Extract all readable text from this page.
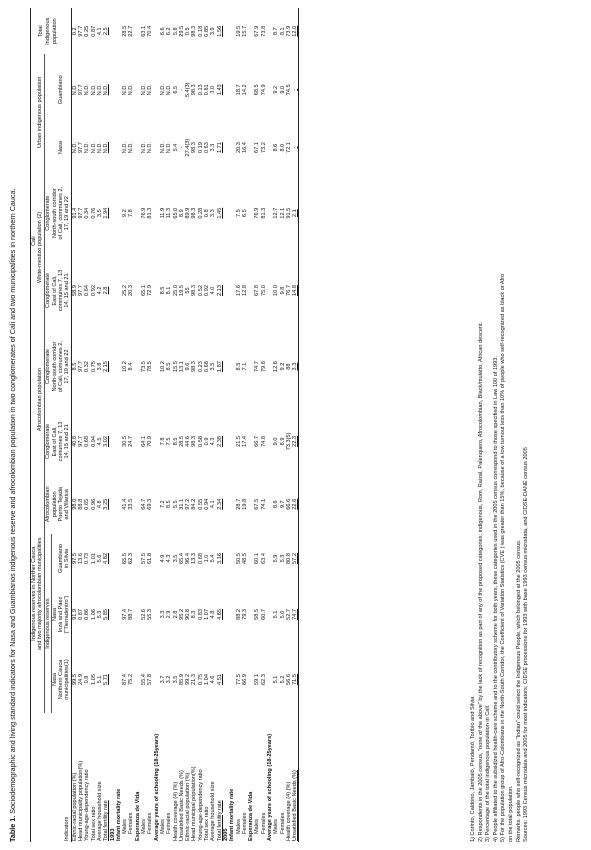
Table 1. Sociodemographic and living standard indicators for Nasa and Guambianos indigenous reserve and afrocolombian population in two conglomerates of Cali and two municipalities in northern Cauca.
		Indigenous reserves in Norther Cauca				Cali						
	and two majority afrocolombian municipalities				Afrocolombian population		White-mestizo population (2)		Urban indigenous population		Total
	Indigenous reserves			Afrocolombian	Conglomerate	Conglomerate	Conglomerate	Conglomerate			Indigenous
	Nasa	Nasa		population	East of Cali,	North-south corridor	East of Cali,	North-south corridor			population
	Northern Cauca	Inzá and Páez	Guambiano	Puerto Tejada	comunnes 7, 13	of Cali, comunnes 2,	communes 7, 13	of Cali, communes 2,	Nasa	Guambiano	
Indicators	municipalities(1)	("Tierradentro")	in Silvia	and Villarica	14, 15 and 21	17, 19 and 22	14, 15 and 21	17, 19 and 22			
Ethnic-racial population (%)	99.5	91.9	97.5	98.0	40.8	8.5	58.9	91.4	N.D.	N.D.	0.2
Head municipality population(%)	24.9	0.87	13.6	88.8	97.7	97.7	97.7	97.7	97.7	97.7	97.7
Young-age-dependency ratio	0.8	0.86	0.73	0.65	0.68	0.32	0.64	0.34	N.D.	N.D.	0.25
Total sex ratio	1.05	1.06	1.01	0.96	0.94	0.75	0.92	0.76	N.D.	N.D.	0.87
Average household size	5.1	5.3	5.6	4.8	4.5	3.8	4.2	3.5	N.D.	N.D.	4.1
Total fertility rate	5.71	5.85	4.82	3.25	3.02	2.15	2.8	1.94	N.D.	N.D.	2.5
1993											
Infant mortality rate											
Males	87.4	97.4	65.5	41.4	30.5	10.2	25.2	9.2	N.D.	N.D.	28.5
Females	75.2	88.7	62.3	33.5	24.7	8.4	20.3	7.8	N.D.	N.D.	22.7
Esperanza de Vida											
Males	55.4	52.6	57.5	64.7	64.1	73.5	65.1	76.9	N.D.	N.D.	63.1
Females	57.8	55.3	61.8	69.3	70.9	78.5	72.9	81.3	N.D.	N.D.	70.4
Average years of schooling (18-25years)											
Males	3.7	3.3	4.9	7.2	7.8	10.2	8.5	11.9	N.D.	N.D.	6.6
Females	3.2	2.9	4.3	8.5	7.5	8.5	8.1	11.3	N.D.	N.D.	6.2
Health coverage (4) (%)	3.5	2.8	3.5	5.5	8.5	15.5	25.0	65.0	5.4	6.5	5.8
Unsatisfied Basic Needs (%)	85.9	95.2	65.4	31.1	28.5	13.1	19.5	8.9	-	-	29.5
Ethnic-racial population (%)	99.2	90.8	96.4	97.2	44.6	9.6	55	89.9	27.4(3)	5.4(3)	0.5
Head municipal population(%)	21.3	8.3	13.3	84.2	98.3	98.3	98.3	98.3	98.3	98.3	98.3
Young-age-dependency ratio	0.75	0.83	0.68	0.55	0.58	0.23	0.52	0.28	0.19	0.13	0.18
Total sex ratio	1.04	1.07	1.0	0.94	0.9	0.68	0.92	0.8	0.63	0.81	0.85
Average household size	4.6	4.8	5.4	4.1	4.3	3.5	4.0	3.3	3.3	3.0	3.9
Total fertility rate	4.51	4.65	3.16	2.34	2.38	1.87	2.13	1.45	1.71	1.43	1.56
2005											
Infant mortality rate											
Males	77.5	88.2	50.5	28.7	21.5	8.5	17.6	7.5	20.3	18.7	19.5
Females	66.9	79.3	48.5	19.8	17.4	7.1	12.8	6.5	16.4	14.2	15.7
Esperanza de Vida											
Males	59.1	58.5	60.1	67.5	66.7	74.7	67.8	76.9	67.1	68.5	67.9
Females	62.3	60.7	63.4	74.1	74.8	79.8	75.0	81.3	73.2	74.9	73.8
Average years of schooling (18-25years)											
Males	5.1	5.1	5.9	8.6	9.0	12.6	10.0	12.7	8.6	9.2	8.7
Females	5.2	5.0	5.3	9.7	8.9	9.2	9.8	12.1	8.0	9.0	8.1
Health coverage (4) (%)	56.6	52.7	80.8	66.6	73.3(5)	88	76.7	91.5	72.1	74.5	73.9
Unsatisfied Basic Needs (%)	71.5	74.7	57.2	22.6	22.3	3.3	14.8	2.1	-	-	12.0
1) Corinto, Caldono, Jambaló, Pendamó, Toribío and Silvia. 2) Respondents in the 2005 census, "none of the above" by the lack of recognition as part of any of the proposed categories: indigenous, Rom, Raizal, Palenquero, Afrocolombian, Black/mulatto, African descent. 3) Percentage of the total indigenous population in Cali. 4) People affiliated to the subsidized health-care scheme and to the contributory scheme for both years, these categories used in the 2005 census correspond to those specified in Law 100 of 1993. 5) For the population group of Afro-Colombians in the North-South Corridor, the Coefficient of Variation Statistics (CVE ) was greater than 15%, because of a low turnout less than 10% of people who self-recognized as black or Afro on the total population. Remarks: people who self-recognized as "Indian" could select the Indigenous People, which belonged at the 2005 census. Sources: 1993 Census microdata and 2005 for most indicators; CIDSE processions for 1993 with base 1993 census microdata, and CIDSE-DANE census 2005
